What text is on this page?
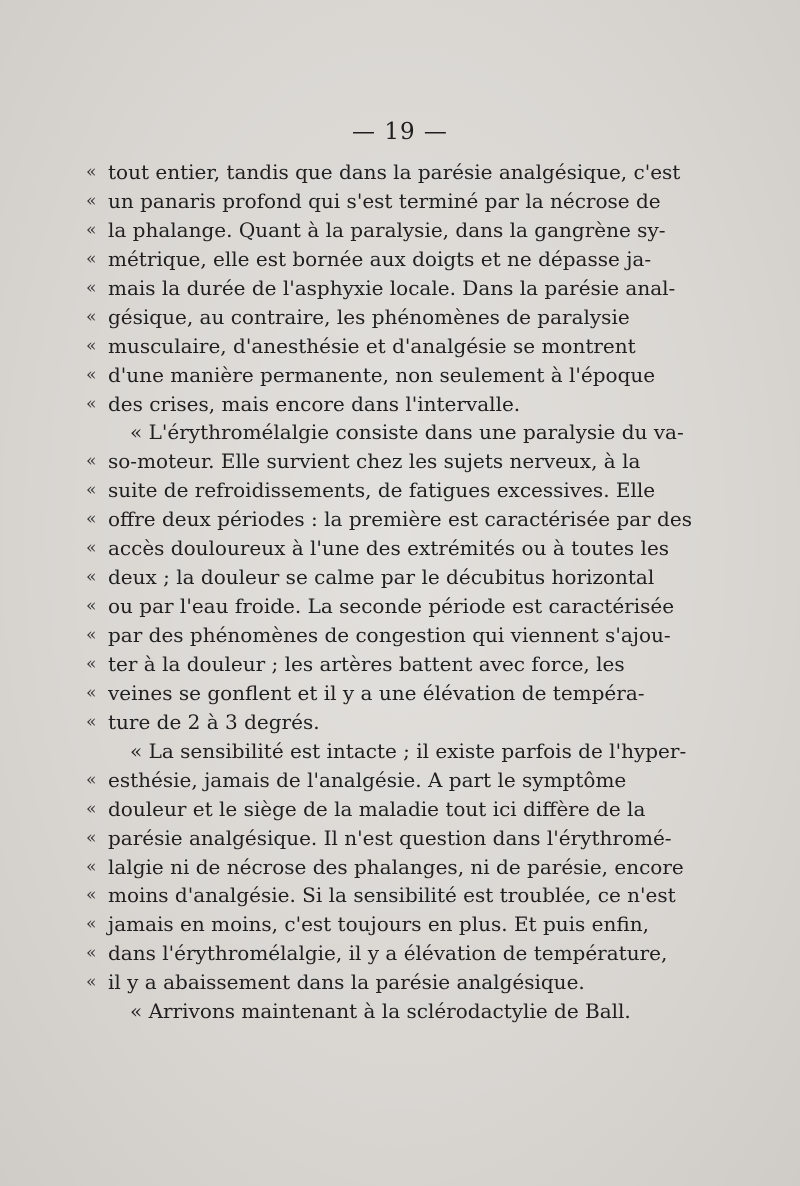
— 19 —
« tout entier, tandis que dans la parésie analgésique, c'est
« un panaris profond qui s'est terminé par la nécrose de
« la phalange. Quant à la paralysie, dans la gangrène sy-
« métrique, elle est bornée aux doigts et ne dépasse ja-
« mais la durée de l'asphyxie locale. Dans la parésie anal-
« gésique, au contraire, les phénomènes de paralysie
« musculaire, d'anesthésie et d'analgésie se montrent
« d'une manière permanente, non seulement à l'époque
« des crises, mais encore dans l'intervalle.
« L'érythromélalgie consiste dans une paralysie du va-
« so-moteur. Elle survient chez les sujets nerveux, à la
« suite de refroidissements, de fatigues excessives. Elle
« offre deux périodes : la première est caractérisée par des
« accès douloureux à l'une des extrémités ou à toutes les
« deux ; la douleur se calme par le décubitus horizontal
« ou par l'eau froide. La seconde période est caractérisée
« par des phénomènes de congestion qui viennent s'ajou-
« ter à la douleur ; les artères battent avec force, les
« veines se gonflent et il y a une élévation de tempéra-
« ture de 2 à 3 degrés.
« La sensibilité est intacte ; il existe parfois de l'hyper-
« esthésie, jamais de l'analgésie. A part le symptôme
« douleur et le siège de la maladie tout ici diffère de la
« parésie analgésique. Il n'est question dans l'érythromé-
« lalgie ni de nécrose des phalanges, ni de parésie, encore
« moins d'analgésie. Si la sensibilité est troublée, ce n'est
« jamais en moins, c'est toujours en plus. Et puis enfin,
« dans l'érythromélalgie, il y a élévation de température,
« il y a abaissement dans la parésie analgésique.
« Arrivons maintenant à la sclérodactylie de Ball.
